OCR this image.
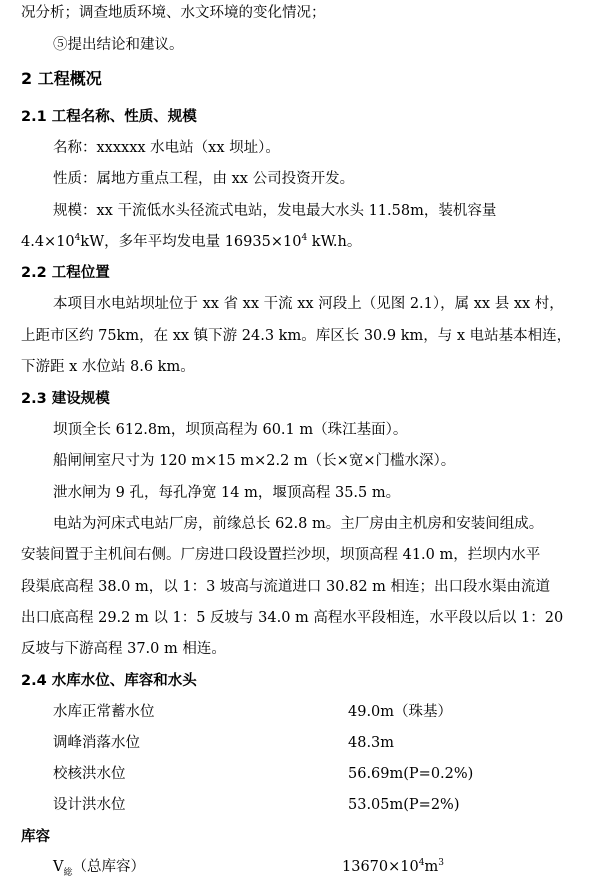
况分析；调查地质环境、水文环境的变化情况；
⑤提出结论和建议。
2 工程概况
2.1 工程名称、性质、规模
名称：xxxxxx 水电站（xx 坝址）。
性质：属地方重点工程，由 xx 公司投资开发。
规模：xx 干流低水头径流式电站，发电最大水头 11.58m，装机容量
$4.4\times 10^4kW$，多年平均发电量 $16935\times 10^4$ kW.h。
2.2 工程位置
本项目水电站坝址位于 xx 省 xx 干流 xx 河段上（见图 2.1），属 xx 县 xx 村，
上距市区约 75km，在 xx 镇下游 24.3 km。库区长 30.9 km，与 x 电站基本相连，
下游距 x 水位站 8.6 km。
2.3 建设规模
坝顶全长 612.8m，坝顶高程为 60.1 m（珠江基面）。
船闸闸室尺寸为 120 m×15 m×2.2 m（长×宽×门槛水深）。
泄水闸为 9 孔，每孔净宽 14 m，堰顶高程 35.5 m。
电站为河床式电站厂房，前缘总长 62.8 m。主厂房由主机房和安装间组成。
安装间置于主机间右侧。厂房进口段设置拦沙坝，坝顶高程 41.0 m，拦坝内水平
段渠底高程 38.0 m，以 1：3 坡高与流道进口 30.82 m 相连；出口段水渠由流道
出口底高程 29.2 m 以 1：5 反坡与 34.0 m 高程水平段相连，水平段以后以 1：20
反坡与下游高程 37.0 m 相连。
2.4 水库水位、库容和水头
水库正常蓄水位	49.0m（珠基）
调峰消落水位	48.3m
校核洪水位	56.69m(P=0.2%)
设计洪水位	53.05m(P=2%)
库容
$V_総$（总库容）	$13670\times 10^4m^3$
